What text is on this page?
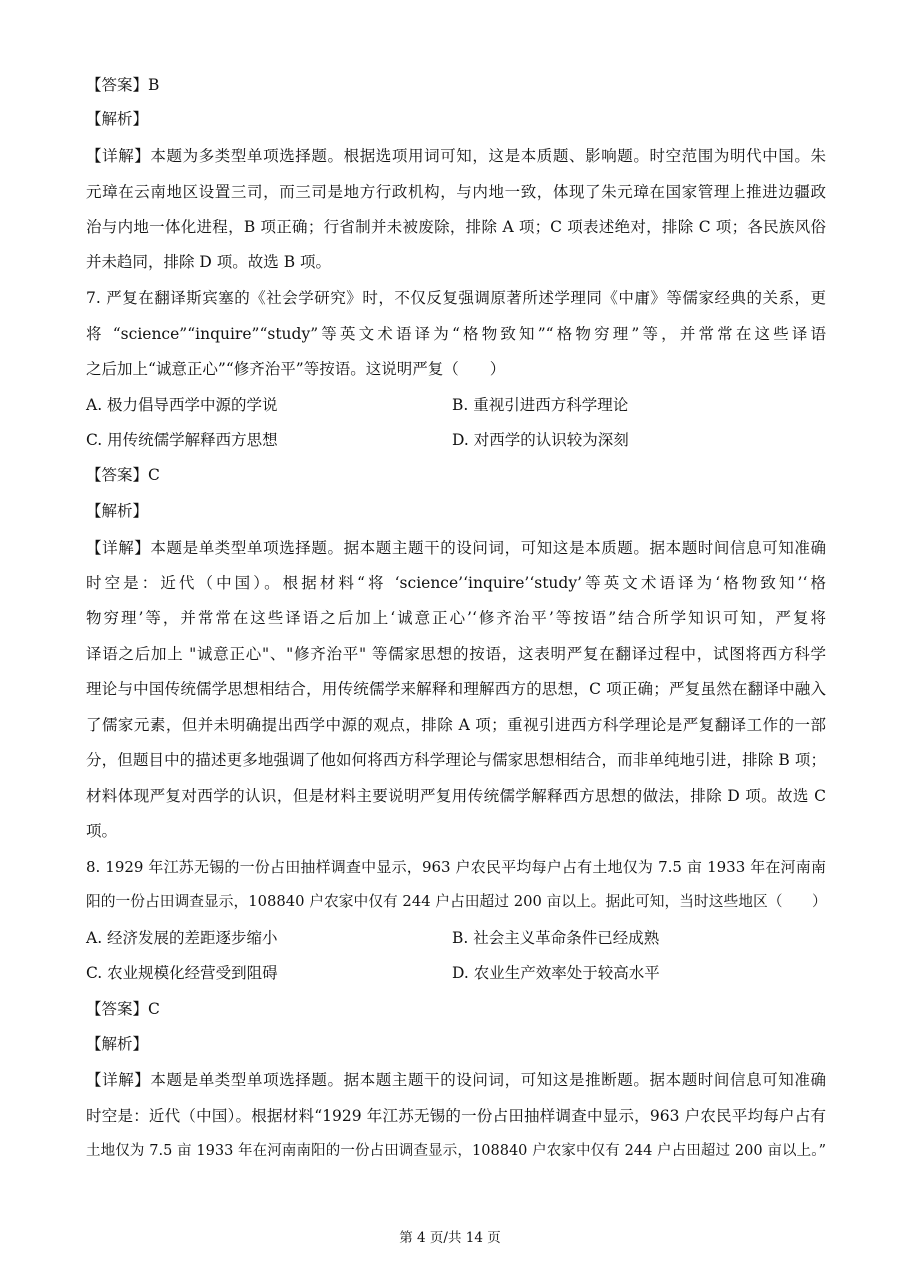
【答案】B
【解析】
【详解】本题为多类型单项选择题。根据选项用词可知，这是本质题、影响题。时空范围为明代中国。朱
元璋在云南地区设置三司，而三司是地方行政机构，与内地一致，体现了朱元璋在国家管理上推进边疆政
治与内地一体化进程，B 项正确；行省制并未被废除，排除 A 项；C 项表述绝对，排除 C 项；各民族风俗
并未趋同，排除 D 项。故选 B 项。
7. 严复在翻译斯宾塞的《社会学研究》时，不仅反复强调原著所述学理同《中庸》等儒家经典的关系，更
将 “science”“inquire”“study”等英文术语译为“格物致知”“格物穷理”等，并常常在这些译语
之后加上“诚意正心”“修齐治平”等按语。这说明严复（　　）
A. 极力倡导西学中源的学说	B. 重视引进西方科学理论
C. 用传统儒学解释西方思想	D. 对西学的认识较为深刻
【答案】C
【解析】
【详解】本题是单类型单项选择题。据本题主题干的设问词，可知这是本质题。据本题时间信息可知准确
时空是：近代（中国）。根据材料“将 ‘science’‘inquire’‘study’等英文术语译为‘格物致知’‘格
物穷理’等，并常常在这些译语之后加上‘诚意正心’‘修齐治平’等按语”结合所学知识可知，严复将
译语之后加上 "诚意正心"、"修齐治平" 等儒家思想的按语，这表明严复在翻译过程中，试图将西方科学
理论与中国传统儒学思想相结合，用传统儒学来解释和理解西方的思想，C 项正确；严复虽然在翻译中融入
了儒家元素，但并未明确提出西学中源的观点，排除 A 项；重视引进西方科学理论是严复翻译工作的一部
分，但题目中的描述更多地强调了他如何将西方科学理论与儒家思想相结合，而非单纯地引进，排除 B 项；
材料体现严复对西学的认识，但是材料主要说明严复用传统儒学解释西方思想的做法，排除 D 项。故选 C
项。
8. 1929 年江苏无锡的一份占田抽样调查中显示，963 户农民平均每户占有土地仅为 7.5 亩 1933 年在河南南
阳的一份占田调查显示，108840 户农家中仅有 244 户占田超过 200 亩以上。据此可知，当时这些地区（　　）
A. 经济发展的差距逐步缩小	B. 社会主义革命条件已经成熟
C. 农业规模化经营受到阻碍	D. 农业生产效率处于较高水平
【答案】C
【解析】
【详解】本题是单类型单项选择题。据本题主题干的设问词，可知这是推断题。据本题时间信息可知准确
时空是：近代（中国）。根据材料“1929 年江苏无锡的一份占田抽样调查中显示，963 户农民平均每户占有
土地仅为 7.5 亩 1933 年在河南南阳的一份占田调查显示，108840 户农家中仅有 244 户占田超过 200 亩以上。”
第 4 页/共 14 页
